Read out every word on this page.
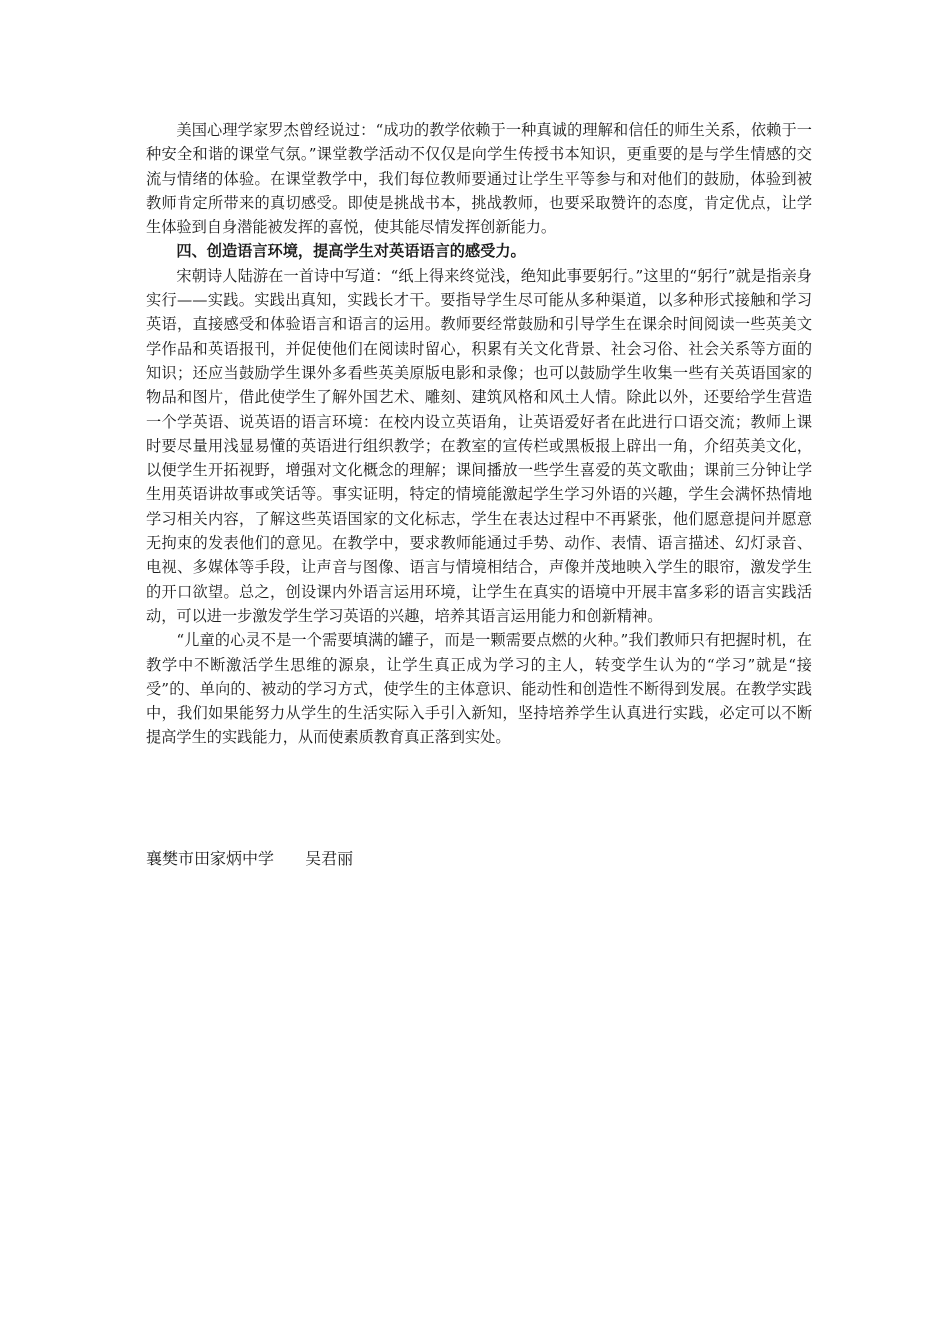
美国心理学家罗杰曾经说过：“成功的教学依赖于一种真诚的理解和信任的师生关系，依赖于一种安全和谐的课堂气氛。”课堂教学活动不仅仅是向学生传授书本知识，更重要的是与学生情感的交流与情绪的体验。在课堂教学中，我们每位教师要通过让学生平等参与和对他们的鼓励，体验到被教师肯定所带来的真切感受。即使是挑战书本，挑战教师，也要采取赞许的态度，肯定优点，让学生体验到自身潜能被发挥的喜悦，使其能尽情发挥创新能力。

四、创造语言环境，提高学生对英语语言的感受力。

宋朝诗人陆游在一首诗中写道：“纸上得来终觉浅，绝知此事要躬行。”这里的“躬行”就是指亲身实行——实践。实践出真知，实践长才干。要指导学生尽可能从多种渠道，以多种形式接触和学习英语，直接感受和体验语言和语言的运用。教师要经常鼓励和引导学生在课余时间阅读一些英美文学作品和英语报刊，并促使他们在阅读时留心，积累有关文化背景、社会习俗、社会关系等方面的知识；还应当鼓励学生课外多看些英美原版电影和录像；也可以鼓励学生收集一些有关英语国家的物品和图片，借此使学生了解外国艺术、雕刻、建筑风格和风土人情。除此以外，还要给学生营造一个学英语、说英语的语言环境：在校内设立英语角，让英语爱好者在此进行口语交流；教师上课时要尽量用浅显易懂的英语进行组织教学；在教室的宣传栏或黑板报上辟出一角，介绍英美文化，以便学生开拓视野，增强对文化概念的理解；课间播放一些学生喜爱的英文歌曲；课前三分钟让学生用英语讲故事或笑话等。事实证明，特定的情境能激起学生学习外语的兴趣，学生会满怀热情地学习相关内容，了解这些英语国家的文化标志，学生在表达过程中不再紧张，他们愿意提问并愿意无拘束的发表他们的意见。在教学中，要求教师能通过手势、动作、表情、语言描述、幻灯录音、电视、多媒体等手段，让声音与图像、语言与情境相结合，声像并茂地映入学生的眼帘，激发学生的开口欲望。总之，创设课内外语言运用环境，让学生在真实的语境中开展丰富多彩的语言实践活动，可以进一步激发学生学习英语的兴趣，培养其语言运用能力和创新精神。

“儿童的心灵不是一个需要填满的罐子，而是一颗需要点燃的火种。”我们教师只有把握时机，在教学中不断激活学生思维的源泉，让学生真正成为学习的主人，转变学生认为的“学习”就是“接受”的、单向的、被动的学习方式，使学生的主体意识、能动性和创造性不断得到发展。在教学实践中，我们如果能努力从学生的生活实际入手引入新知，坚持培养学生认真进行实践，必定可以不断提高学生的实践能力，从而使素质教育真正落到实处。

襄樊市田家炳中学 吴君丽
